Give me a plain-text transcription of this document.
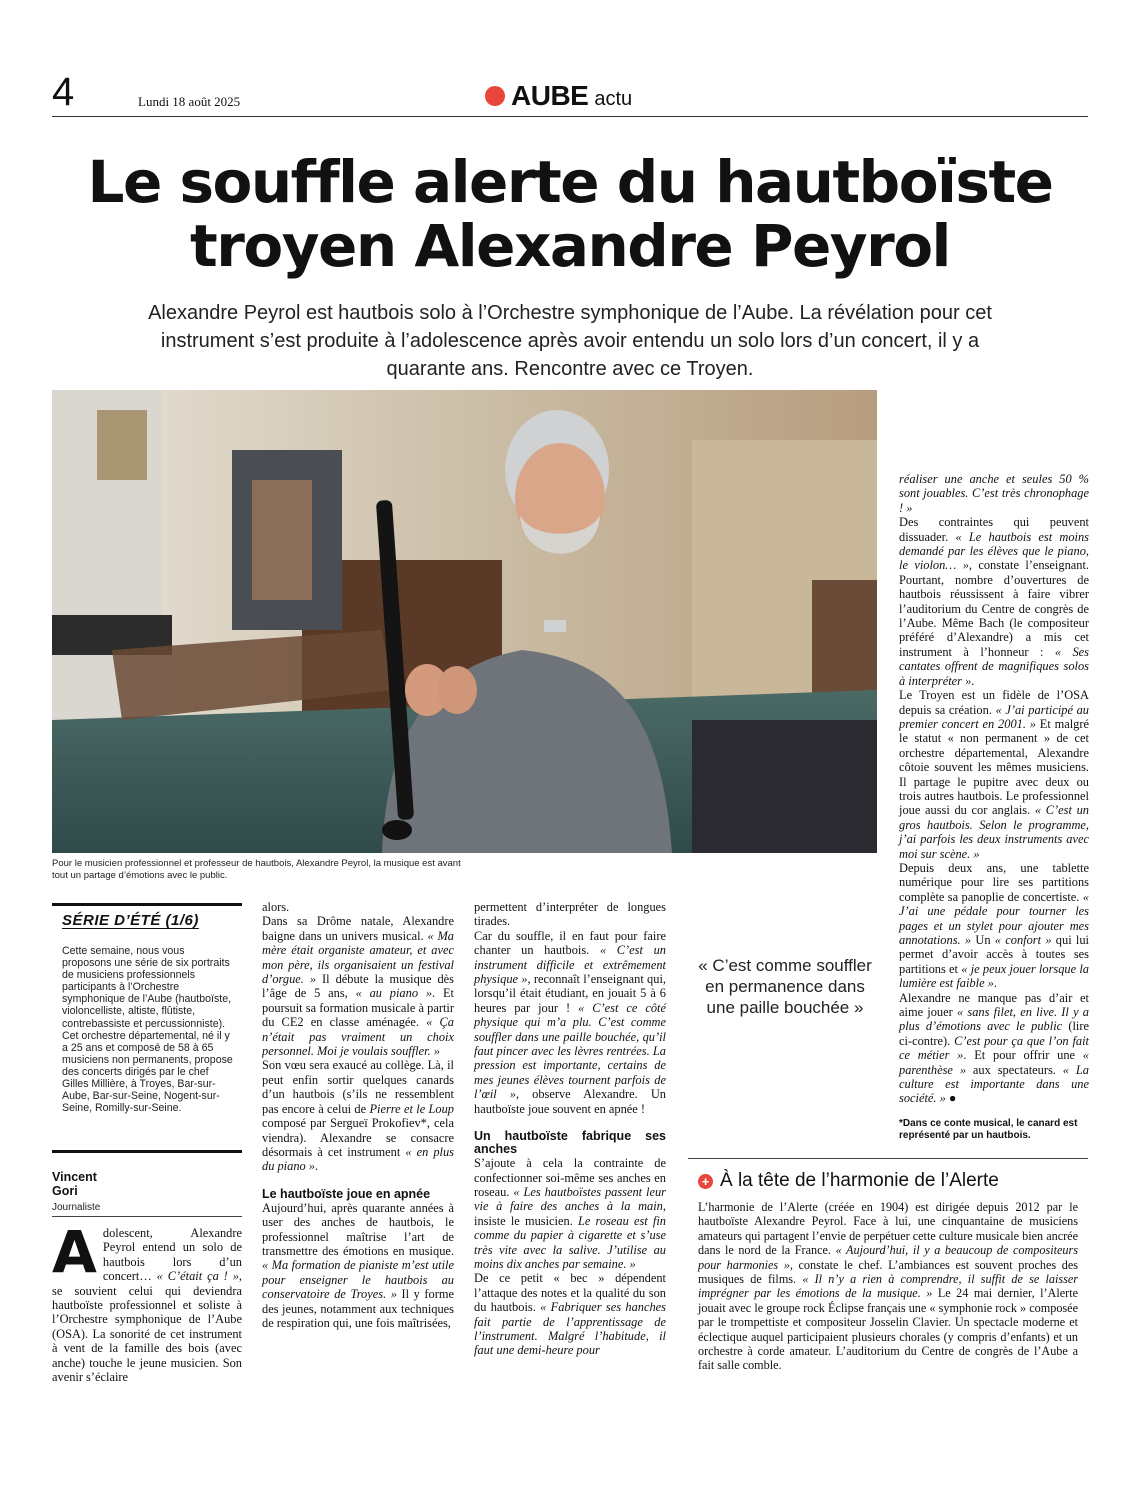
4	Lundi 18 août 2025	AUBE actu
Le souffle alerte du hautboïste
troyen Alexandre Peyrol
Alexandre Peyrol est hautbois solo à l’Orchestre symphonique de l’Aube. La révélation pour cet instrument s’est produite à l’adolescence après avoir entendu un solo lors d’un concert, il y a quarante ans. Rencontre avec ce Troyen.
Pour le musicien professionnel et professeur de hautbois, Alexandre Peyrol, la musique est avant tout un partage d’émotions avec le public.
SÉRIE D’ÉTÉ (1/6)
Cette semaine, nous vous proposons une série de six portraits de musiciens professionnels participants à l’Orchestre symphonique de l’Aube (hautboïste, violoncelliste, altiste, flûtiste, contrebassiste et percussionniste). Cet orchestre départemental, né il y a 25 ans et composé de 58 à 65 musiciens non permanents, propose des concerts dirigés par le chef Gilles Millière, à Troyes, Bar-sur-Aube, Bar-sur-Seine, Nogent-sur-Seine, Romilly-sur-Seine.
Vincent
Gori
Journaliste

Adolescent, Alexandre Peyrol entend un solo de hautbois lors d’un concert… « C’était ça ! », se souvient celui qui deviendra hautboïste professionnel et soliste à l’Orchestre symphonique de l’Aube (OSA). La sonorité de cet instrument à vent de la famille des bois (avec anche) touche le jeune musicien. Son avenir s’éclaire

alors.

Dans sa Drôme natale, Alexandre baigne dans un univers musical. « Ma mère était organiste amateur, et avec mon père, ils organisaient un festival d’orgue. » Il débute la musique dès l’âge de 5 ans, « au piano ». Et poursuit sa formation musicale à partir du CE2 en classe aménagée. « Ça n’était pas vraiment un choix personnel. Moi je voulais souffler. »

Son vœu sera exaucé au collège. Là, il peut enfin sortir quelques canards d’un hautbois (s’ils ne ressemblent pas encore à celui de Pierre et le Loup composé par Sergueï Prokofiev*, cela viendra). Alexandre se consacre désormais à cet instrument « en plus du piano ».

Le hautboïste joue en apnée

Aujourd’hui, après quarante années à user des anches de hautbois, le professionnel maîtrise l’art de transmettre des émotions en musique. « Ma formation de pianiste m’est utile pour enseigner le hautbois au conservatoire de Troyes. » Il y forme des jeunes, notamment aux techniques de respiration qui, une fois maîtrisées,

permettent d’interpréter de longues tirades.

Car du souffle, il en faut pour faire chanter un hautbois. « C’est un instrument difficile et extrêmement physique », reconnaît l’enseignant qui, lorsqu’il était étudiant, en jouait 5 à 6 heures par jour ! « C’est ce côté physique qui m’a plu. C’est comme souffler dans une paille bouchée, qu’il faut pincer avec les lèvres rentrées. La pression est importante, certains de mes jeunes élèves tournent parfois de l’œil », observe Alexandre. Un hautboïste joue souvent en apnée !

Un hautboïste fabrique ses anches

S’ajoute à cela la contrainte de confectionner soi-même ses anches en roseau. « Les hautboïstes passent leur vie à faire des anches à la main, insiste le musicien. Le roseau est fin comme du papier à cigarette et s’use très vite avec la salive. J’utilise au moins dix anches par semaine. »

De ce petit « bec » dépendent l’attaque des notes et la qualité du son du hautbois. « Fabriquer ses hanches fait partie de l’apprentissage de l’instrument. Malgré l’habitude, il faut une demi-heure pour

« C’est comme souffler en permanence dans une paille bouchée »

réaliser une anche et seules 50 % sont jouables. C’est très chronophage ! »

Des contraintes qui peuvent dissuader. « Le hautbois est moins demandé par les élèves que le piano, le violon… », constate l’enseignant. Pourtant, nombre d’ouvertures de hautbois réussissent à faire vibrer l’auditorium du Centre de congrès de l’Aube. Même Bach (le compositeur préféré d’Alexandre) a mis cet instrument à l’honneur : « Ses cantates offrent de magnifiques solos à interpréter ».

Le Troyen est un fidèle de l’OSA depuis sa création. « J’ai participé au premier concert en 2001. » Et malgré le statut « non permanent » de cet orchestre départemental, Alexandre côtoie souvent les mêmes musiciens. Il partage le pupitre avec deux ou trois autres hautbois. Le professionnel joue aussi du cor anglais. « C’est un gros hautbois. Selon le programme, j’ai parfois les deux instruments avec moi sur scène. »

Depuis deux ans, une tablette numérique pour lire ses partitions complète sa panoplie de concertiste. « J’ai une pédale pour tourner les pages et un stylet pour ajouter mes annotations. » Un « confort » qui lui permet d’avoir accès à toutes ses partitions et « je peux jouer lorsque la lumière est faible ».

Alexandre ne manque pas d’air et aime jouer « sans filet, en live. Il y a plus d’émotions avec le public (lire ci-contre). C’est pour ça que l’on fait ce métier ». Et pour offrir une « parenthèse » aux spectateurs. « La culture est importante dans une société. » ●

*Dans ce conte musical, le canard est représenté par un hautbois.
+ À la tête de l’harmonie de l’Alerte

L’harmonie de l’Alerte (créée en 1904) est dirigée depuis 2012 par le hautboïste Alexandre Peyrol. Face à lui, une cinquantaine de musiciens amateurs qui partagent l’envie de perpétuer cette culture musicale bien ancrée dans le nord de la France. « Aujourd’hui, il y a beaucoup de compositeurs pour harmonies », constate le chef. L’ambiances est souvent proches des musiques de films. « Il n’y a rien à comprendre, il suffit de se laisser imprégner par les émotions de la musique. » Le 24 mai dernier, l’Alerte jouait avec le groupe rock Éclipse français une « symphonie rock » composée par le trompettiste et compositeur Josselin Clavier. Un spectacle moderne et éclectique auquel participaient plusieurs chorales (y compris d’enfants) et un orchestre à corde amateur. L’auditorium du Centre de congrès de l’Aube a fait salle comble.
